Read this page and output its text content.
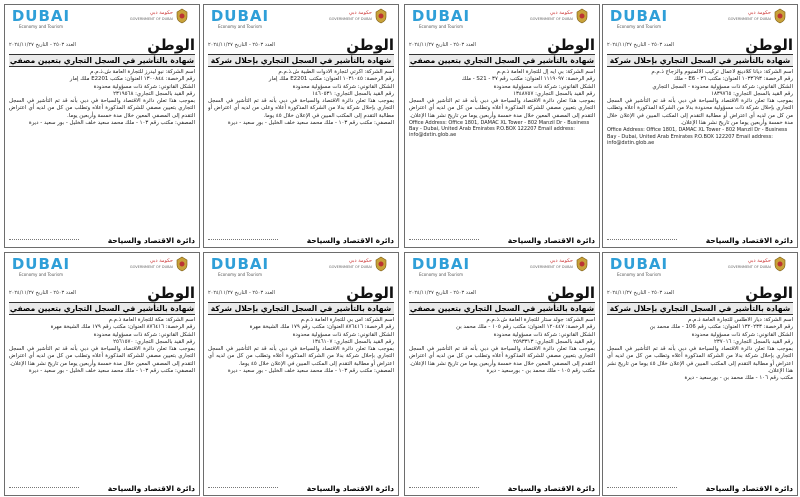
DUBAI
Economy and Tourism
حكومة دبي
GOVERNMENT OF DUBAI
الوطن
العدد ٢٥٠٣ - التاريخ ٢٠٢٤/١١/٢٧
شهادة بالتأشير في السجل التجاري بإحلال شركة

اسم الشركة: ديانا كلادينغ لأعمال تركيب الألمنيوم والزجاج ذ.م.م

رقم الرخصة: ١٠٣٣٦٩٣ العنوان: مكتب ٣٦ - E6 - ملك

الشكل القانوني: شركة ذات مسؤولية محدودة - السجل التجاري

رقم القيد بالسجل التجاري: ١٨٣٩٧٦٥

بموجب هذا تعلن دائرة الاقتصاد والسياحة في دبي بأنه قد تم التأشير في السجل التجاري بإحلال شركة ذات مسؤولية محدودة بدلا من الشركة المذكورة أعلاه وتطلب من كل من لديه أي اعتراض أو مطالبة التقدم إلى المكتب المبين في الإعلان خلال مدة خمسة وأربعين يوما من تاريخ نشر هذا الإعلان.

Office Address: Office 1801, DAMAC XL Tower - 802 Manzil Dr - Business Bay - Dubai, United Arab Emirates P.O.BOX 122207 Email address: info@dxtin.glob.ae

دائرة الاقتصاد والسياحة
DUBAI
Economy and Tourism
حكومة دبي
GOVERNMENT OF DUBAI
الوطن
العدد ٢٥٠٣ - التاريخ ٢٠٢٤/١١/٢٧
شهادة بالتأشير في السجل التجاري بتعيين مصفي

اسم الشركة: بي ايه إل للتجارة العامة ذ.م.م

رقم الرخصة: ١١١٩٠٩٧ العنوان: مكتب رقم ٣٧ - S21 - ملك

الشكل القانوني: شركة ذات مسؤولية محدودة

رقم القيد بالسجل التجاري: ١٣٤٨٧٥٧

بموجب هذا تعلن دائرة الاقتصاد والسياحة في دبي بأنه قد تم التأشير في السجل التجاري بتعيين مصفي للشركة المذكورة أعلاه وتطلب من كل من لديه أي اعتراض التقدم إلى المصفي المعين خلال مدة خمسة وأربعين يوما من تاريخ نشر هذا الإعلان.

Office Address: Office 1801, DAMAC XL Tower - 802 Manzil Dr - Business Bay - Dubai, United Arab Emirates P.O.BOX 122207 Email address: info@dxtin.glob.ae

دائرة الاقتصاد والسياحة
DUBAI
Economy and Tourism
حكومة دبي
GOVERNMENT OF DUBAI
الوطن
العدد ٢٥٠٣ - التاريخ ٢٠٢٤/١١/٢٧
شهادة بالتأشير في السجل التجاري بإحلال شركة

اسم الشركة: اكرتي لتجارة الأدوات الطبية ش.ذ.م.م

رقم الرخصة: ١٠٣١٠٤٥ العنوان: مكتب E2201 ملك إمار

الشكل القانوني: شركة ذات مسؤولية محدودة

رقم القيد بالسجل التجاري: ١٤٦٠٥٣١

بموجب هذا تعلن دائرة الاقتصاد والسياحة في دبي بأنه قد تم التأشير في السجل التجاري بإحلال شركة بدلا من الشركة المذكورة أعلاه وعلى من لديه أي اعتراض أو مطالبة التقدم إلى المكتب المبين في الإعلان خلال ٤٥ يوما.

المصفي: مكتب رقم ١٠٣ - ملك محمد سعيد خلف الخليل - بور سعيد - ديرة

دائرة الاقتصاد والسياحة
DUBAI
Economy and Tourism
حكومة دبي
GOVERNMENT OF DUBAI
الوطن
العدد ٢٥٠٣ - التاريخ ٢٠٢٤/١١/٢٧
شهادة بالتأشير في السجل التجاري بتعيين مصفي

اسم الشركة: نيو ليدرز للتجارة العامة ش.ذ.م.م

رقم الرخصة: ١٣٠٠٨٤٤ العنوان: مكتب E2201 ملك إمار

الشكل القانوني: شركة ذات مسؤولية محدودة

رقم القيد بالسجل التجاري: ٢٣١٩٥٦٨

بموجب هذا تعلن دائرة الاقتصاد والسياحة في دبي بأنه قد تم التأشير في السجل التجاري بتعيين مصفي للشركة المذكورة أعلاه وتطلب من كل من لديه أي اعتراض التقدم إلى المصفي المعين خلال مدة خمسة وأربعين يوما.

المصفي: مكتب رقم ١٠٣ - ملك محمد سعيد خلف الخليل - بور سعيد - ديرة

دائرة الاقتصاد والسياحة
DUBAI
Economy and Tourism
حكومة دبي
GOVERNMENT OF DUBAI
الوطن
العدد ٢٥٠٣ - التاريخ ٢٠٢٤/١١/٢٧
شهادة بالتأشير في السجل التجاري بإحلال شركة

اسم الشركة: ديار الأطلس للتجارة العامة ذ.م.م

رقم الرخصة: ١٣٢٠٢٣٣ العنوان: مكتب رقم 106 - ملك محمد بن

الشكل القانوني: شركة ذات مسؤولية محدودة

رقم القيد بالسجل التجاري: ٢٣٧٠١٦

بموجب هذا تعلن دائرة الاقتصاد والسياحة في دبي بأنه قد تم التأشير في السجل التجاري بإحلال شركة بدلا من الشركة المذكورة أعلاه وتطلب من كل من لديه أي اعتراض أو مطالبة التقدم إلى المكتب المبين في الإعلان خلال ٤٥ يوما من تاريخ نشر هذا الإعلان.

مكتب رقم ١٠٦ - ملك محمد بن - بورسعيد - ديرة

دائرة الاقتصاد والسياحة
DUBAI
Economy and Tourism
حكومة دبي
GOVERNMENT OF DUBAI
الوطن
العدد ٢٥٠٣ - التاريخ ٢٠٢٤/١١/٢٧
شهادة بالتأشير في السجل التجاري بتعيين مصفي

اسم الشركة: جولد ستار للتجارة العامة ش.ذ.م.م

رقم الرخصة: ١٢٠٤٤٧ العنوان: مكتب رقم ١٠٥ - ملك محمد بن

الشكل القانوني: شركة ذات مسؤولية محدودة

رقم القيد بالسجل التجاري: ٢٥٩٣٣١٣

بموجب هذا تعلن دائرة الاقتصاد والسياحة في دبي بأنه قد تم التأشير في السجل التجاري بتعيين مصفي للشركة المذكورة أعلاه وتطلب من كل من لديه أي اعتراض التقدم إلى المصفي المعين خلال مدة خمسة وأربعين يوما من تاريخ نشر هذا الإعلان.

مكتب رقم ١٠٥ - ملك محمد بن - بورسعيد - ديرة

دائرة الاقتصاد والسياحة
DUBAI
Economy and Tourism
حكومة دبي
GOVERNMENT OF DUBAI
الوطن
العدد ٢٥٠٣ - التاريخ ٢٠٢٤/١١/٢٧
شهادة بالتأشير في السجل التجاري بإحلال شركة

اسم الشركة: اس بي للتجارة العامة ذ.م.م

رقم الرخصة: ٨٧٦٤١٦ العنوان: مكتب رقم ١٧٩ ملك الشيخة مهرة

الشكل القانوني: شركة ذات مسؤولية محدودة

رقم القيد بالسجل التجاري: ١٣٤٦١٠٧

بموجب هذا تعلن دائرة الاقتصاد والسياحة في دبي بأنه قد تم التأشير في السجل التجاري بإحلال شركة بدلا من الشركة المذكورة أعلاه وتطلب من كل من لديه أي اعتراض أو مطالبة التقدم إلى المكتب المبين في الإعلان خلال ٤٥ يوما.

المصفي: مكتب رقم ١٠٣ - ملك محمد سعيد خلف الخليل - بور سعيد - ديرة

دائرة الاقتصاد والسياحة
DUBAI
Economy and Tourism
حكومة دبي
GOVERNMENT OF DUBAI
الوطن
العدد ٢٥٠٣ - التاريخ ٢٠٢٤/١١/٢٧
شهادة بالتأشير في السجل التجاري بتعيين مصفي

اسم الشركة: مكة للتجارة العامة ذ.م.م

رقم الرخصة: ٨٧٦٤١٦ العنوان: مكتب رقم ١٧٩ ملك الشيخة مهرة

الشكل القانوني: شركة ذات مسؤولية محدودة

رقم القيد بالسجل التجاري: ٢٥٦١٥٧٠

بموجب هذا تعلن دائرة الاقتصاد والسياحة في دبي بأنه قد تم التأشير في السجل التجاري بتعيين مصفي للشركة المذكورة أعلاه وتطلب من كل من لديه أي اعتراض التقدم إلى المصفي المعين خلال مدة خمسة وأربعين يوما من تاريخ نشر هذا الإعلان.

المصفي: مكتب رقم ١٠٣ - ملك محمد سعيد خلف الخليل - بور سعيد - ديرة

دائرة الاقتصاد والسياحة
